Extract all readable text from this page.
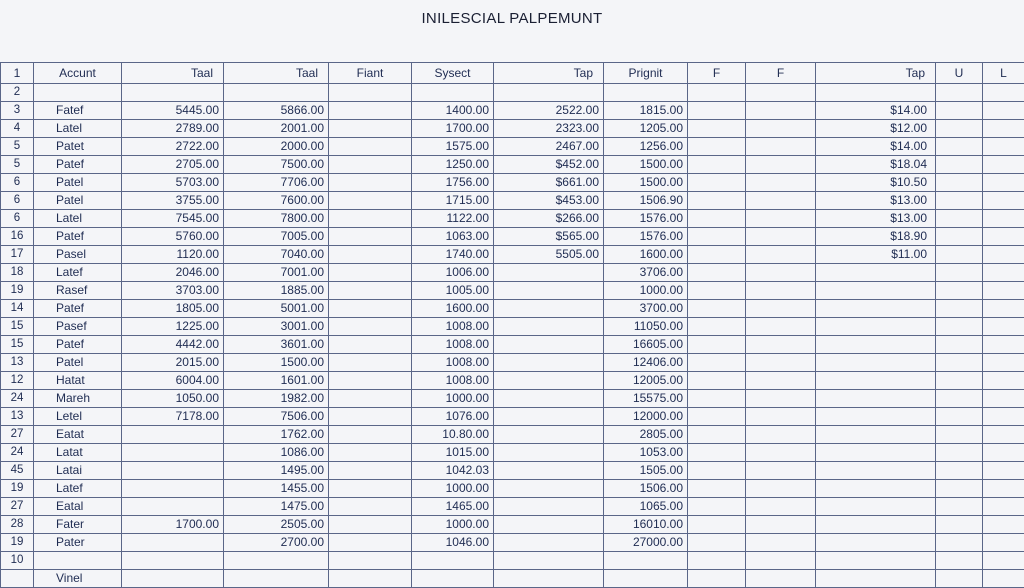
INILESCIAL PALPEMUNT
1	Accunt	Taal	Taal	Fiant	Sysect	Tap	Prignit	F	F	Tap	U	L
2												
3	Fatef	5445.00	5866.00		1400.00	2522.00	1815.00			$14.00		
4	Latel	2789.00	2001.00		1700.00	2323.00	1205.00			$12.00		
5	Patet	2722.00	2000.00		1575.00	2467.00	1256.00			$14.00		
5	Patef	2705.00	7500.00		1250.00	$452.00	1500.00			$18.04		
6	Patel	5703.00	7706.00		1756.00	$661.00	1500.00			$10.50		
6	Patel	3755.00	7600.00		1715.00	$453.00	1506.90			$13.00		
6	Latel	7545.00	7800.00		1122.00	$266.00	1576.00			$13.00		
16	Patef	5760.00	7005.00		1063.00	$565.00	1576.00			$18.90		
17	Pasel	1120.00	7040.00		1740.00	5505.00	1600.00			$11.00		
18	Latef	2046.00	7001.00		1006.00		3706.00					
19	Rasef	3703.00	1885.00		1005.00		1000.00					
14	Patef	1805.00	5001.00		1600.00		3700.00					
15	Pasef	1225.00	3001.00		1008.00		11050.00					
15	Patef	4442.00	3601.00		1008.00		16605.00					
13	Patel	2015.00	1500.00		1008.00		12406.00					
12	Hatat	6004.00	1601.00		1008.00		12005.00					
24	Mareh	1050.00	1982.00		1000.00		15575.00					
13	Letel	7178.00	7506.00		1076.00		12000.00					
27	Eatat		1762.00		10.80.00		2805.00					
24	Latat		1086.00		1015.00		1053.00					
45	Latai		1495.00		1042.03		1505.00					
19	Latef		1455.00		1000.00		1506.00					
27	Eatal		1475.00		1465.00		1065.00					
28	Fater	1700.00	2505.00		1000.00		16010.00					
19	Pater		2700.00		1046.00		27000.00					
10												
	Vinel											
